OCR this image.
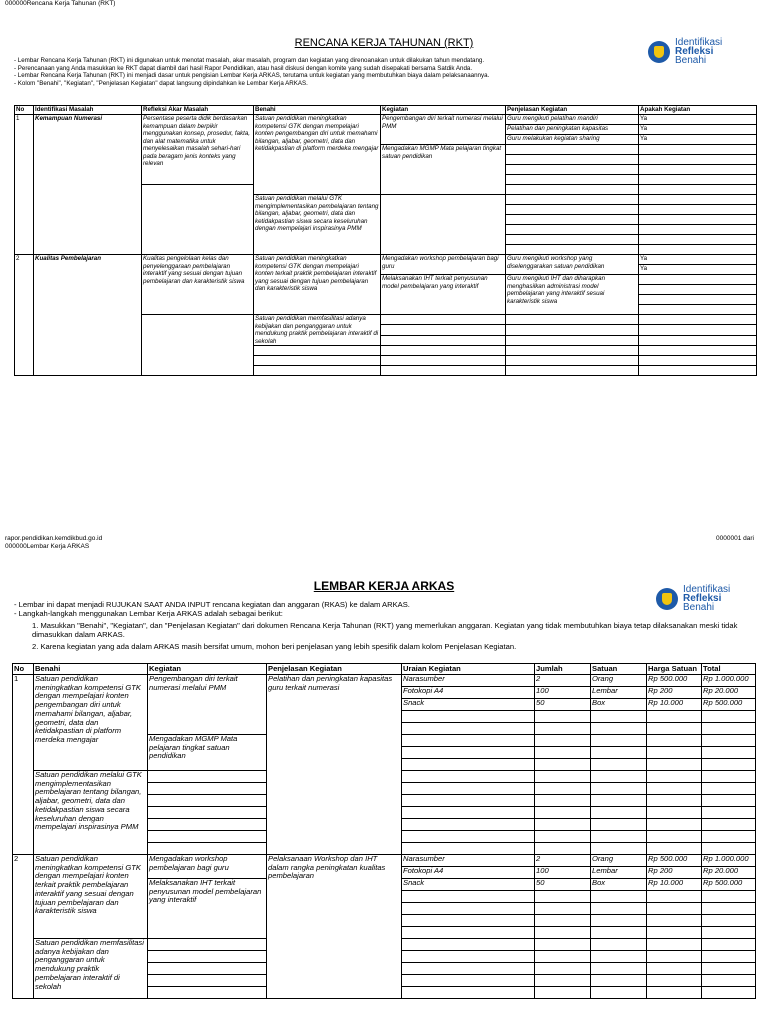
000000Rencana Kerja Tahunan (RKT)
RENCANA KERJA TAHUNAN (RKT)	Identifikasi
Refleksi
Benahi
- Lembar Rencana Kerja Tahunan (RKT) ini digunakan untuk menotat masalah, akar masalah, program dan kegiatan yang direnoanakan untuk dilakukan tahun mendatang.
- Perencanaan yang Anda masukkan ke RKT dapat diambil dari hasil Rapor Pendidikan, atau hasil diskusi dengan komite yang sudah disepakati bersama Satdik Anda.
- Lembar Rencana Kerja Tahunan (RKT) ini menjadi dasar untuk pengisian Lembar Kerja ARKAS, terutama untuk kegiatan yang membutuhkan biaya dalam pelaksanaannya.
- Kolom "Benahi", "Kegiatan", "Penjelasan Kegiatan" dapat langsung dipindahkan ke Lembar Kerja ARKAS.
No	Identifikasi Masalah	Refleksi Akar Masalah	Benahi	Kegiatan	Penjelasan Kegiatan	Apakah Kegiatan
1	Kemampuan Numerasi	Persentase peserta didik berdasarkan kemampuan dalam berpikir menggunakan konsep, prosedur, fakta, dan alat matematika untuk menyelesaikan masalah sehari-hari pada beragam jenis konteks yang relevan	Satuan pendidikan meningkatkan kompetensi GTK dengan mempelajari konten pengembangan diri untuk memahami bilangan, aljabar, geometri, data dan ketidakpastian di platform merdeka mengajar	Pengembangan diri terkait numerasi melalui PMM	Guru mengikuti pelatihan mandiri	Ya
					Pelatihan dan peningkatan kapasitas	Ya
					Guru melakukan kegiatan sharing	Ya
				Mengadakan MGMP Mata pelajaran tingkat satuan pendidikan		

			Satuan pendidikan melalui GTK mengimplementasikan pembelajaran tentang bilangan, aljabar, geometri, data dan ketidakpastian siswa secara keseluruhan dengan mempelajari inspirasinya PMM			

2	Kualitas Pembelajaran	Kualitas pengelolaan kelas dan penyelenggaraan pembelajaran interaktif yang sesuai dengan tujuan pembelajaran dan karakteristik siswa	Satuan pendidikan meningkatkan kompetensi GTK dengan mempelajari konten terkait praktik pembelajaran interaktif yang sesuai dengan tujuan pembelajaran dan karakteristik siswa	Mengadakan workshop pembelajaran bagi guru	Guru mengikuti workshop yang diselenggarakan satuan pendidikan	Ya
						Ya
				Melaksanakan IHT terkait penyusunan model pembelajaran yang interaktif	Guru mengikuti IHT dan diharapkan menghasilkan administrasi model pembelajaran yang interaktif sesuai karakteristik siswa	

			Satuan pendidikan memfasilitasi adanya kebijakan dan penganggaran untuk mendukung praktik pembelajaran interaktif di sekolah			

rapor.pendidikan.kemdikbud.go.id
000000Lembar Kerja ARKAS
0000001 dari
LEMBAR KERJA ARKAS	Identifikasi
Refleksi
Benahi
- Lembar ini dapat menjadi RUJUKAN SAAT ANDA INPUT rencana kegiatan dan anggaran (RKAS) ke dalam ARKAS.
- Langkah-langkah menggunakan Lembar Kerja ARKAS adalah sebagai berikut:
1. Masukkan "Benahi", "Kegiatan", dan "Penjelasan Kegiatan" dari dokumen Rencana Kerja Tahunan (RKT) yang memerlukan anggaran. Kegiatan yang tidak membutuhkan biaya tetap dilaksanakan meski tidak dimasukkan dalam ARKAS.
2. Karena kegiatan yang ada dalam ARKAS masih bersifat umum, mohon beri penjelasan yang lebih spesifik dalam kolom Penjelasan Kegiatan.
No	Benahi	Kegiatan	Penjelasan Kegiatan	Uraian Kegiatan	Jumlah	Satuan	Harga Satuan	Total
1	Satuan pendidikan meningkatkan kompetensi GTK dengan mempelajari konten pengembangan diri untuk memahami bilangan, aljabar, geometri, data dan ketidakpastian di platform merdeka mengajar	Pengembangan diri terkait numerasi melalui PMM	Pelatihan dan peningkatan kapasitas guru terkait numerasi	Narasumber	2	Orang	Rp 500.000	Rp 1.000.000
				Fotokopi A4	100	Lembar	Rp 200	Rp 20.000
				Snack	50	Box	Rp 10.000	Rp 500.000

		Mengadakan MGMP Mata pelajaran tingkat satuan pendidikan						

	Satuan pendidikan melalui GTK mengimplementasikan pembelajaran tentang bilangan, aljabar, geometri, data dan ketidakpastian siswa secara keseluruhan dengan mempelajari inspirasinya PMM							

2	Satuan pendidikan meningkatkan kompetensi GTK dengan mempelajari konten terkait praktik pembelajaran interaktif yang sesuai dengan tujuan pembelajaran dan karakteristik siswa	Mengadakan workshop pembelajaran bagi guru	Pelaksanaan Workshop dan IHT dalam rangka peningkatan kualitas pembelajaran	Narasumber	2	Orang	Rp 500.000	Rp 1.000.000
				Fotokopi A4	100	Lembar	Rp 200	Rp 20.000
		Melaksanakan IHT terkait penyusunan model pembelajaran yang interaktif		Snack	50	Box	Rp 10.000	Rp 500.000

	Satuan pendidikan memfasilitasi adanya kebijakan dan penganggaran untuk mendukung praktik pembelajaran interaktif di sekolah							
